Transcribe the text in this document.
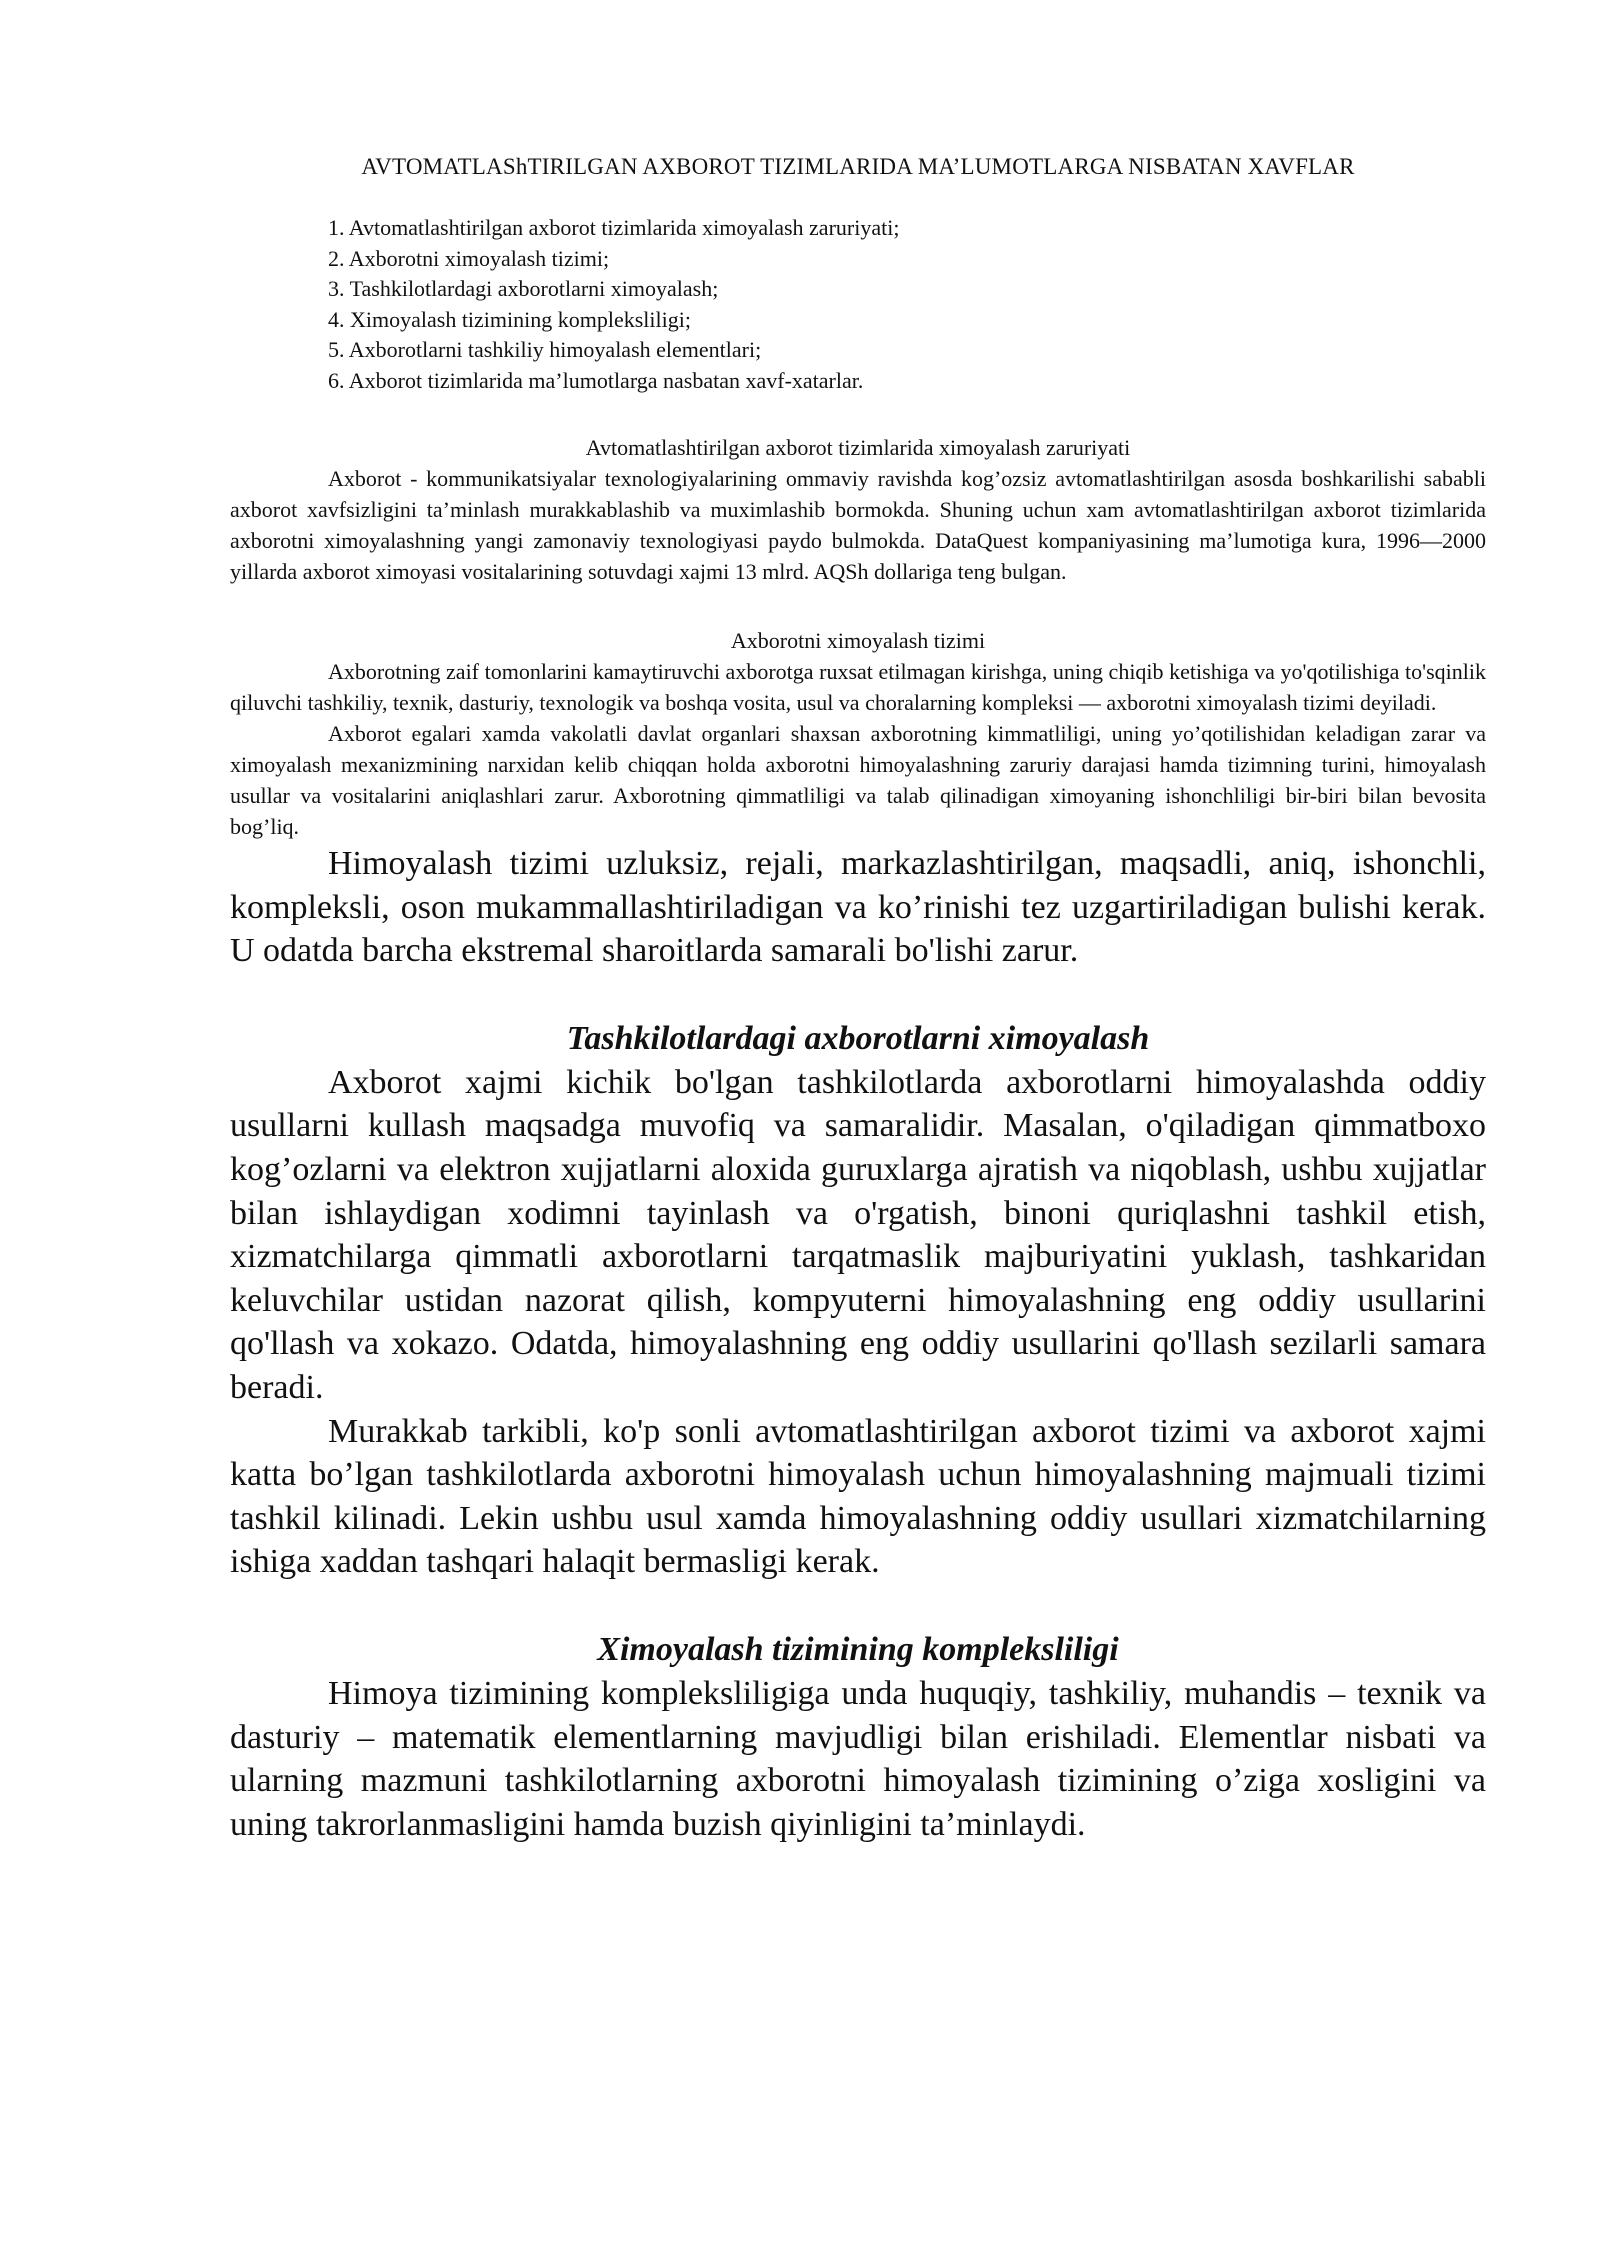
AVTOMATLAShTIRILGAN AXBOROT TIZIMLARIDA MA’LUMOTLARGA NISBATAN XAVFLAR
1. Avtomatlashtirilgan axborot tizimlarida ximoyalash zaruriyati;
2. Axborotni ximoyalash tizimi;
3. Tashkilotlardagi axborotlarni ximoyalash;
4. Ximoyalash tizimining kompleksliligi;
5. Axborotlarni tashkiliy himoyalash elementlari;
6. Axborot tizimlarida ma’lumotlarga nasbatan xavf-xatarlar.
Avtomatlashtirilgan axborot tizimlarida ximoyalash zaruriyati

Axborot - kommunikatsiyalar texnologiyalarining ommaviy ravishda kog’ozsiz avtomatlashtirilgan asosda boshkarilishi sababli axborot xavfsizligini ta’minlash murakkablashib va muximlashib bormokda. Shuning uchun xam avtomatlashtirilgan axborot tizimlarida axborotni ximoyalashning yangi zamonaviy texnologiyasi paydo bulmokda. DataQuest kompaniyasining ma’lumotiga kura, 1996—2000 yillarda axborot ximoyasi vositalarining sotuvdagi xajmi 13 mlrd. AQSh dollariga teng bulgan.

Axborotni ximoyalash tizimi

Axborotning zaif tomonlarini kamaytiruvchi axborotga ruxsat etilmagan kirishga, uning chiqib ketishiga va yo'qotilishiga to'sqinlik qiluvchi tashkiliy, texnik, dasturiy, texnologik va boshqa vosita, usul va choralarning kompleksi — axborotni ximoyalash tizimi deyiladi.

Axborot egalari xamda vakolatli davlat organlari shaxsan axborotning kimmatliligi, uning yo’qotilishidan keladigan zarar va ximoyalash mexanizmining narxidan kelib chiqqan holda axborotni himoyalashning zaruriy darajasi hamda tizimning turini, himoyalash usullar va vositalarini aniqlashlari zarur. Axborotning qimmatliligi va talab qilinadigan ximoyaning ishonchliligi bir-biri bilan bevosita bog’liq.

Himoyalash tizimi uzluksiz, rejali, markazlashtirilgan, maqsadli, aniq, ishonchli, kompleksli, oson mukammallashtiriladigan va ko’rinishi tez uzgartiriladigan bulishi kerak. U odatda barcha ekstremal sharoitlarda samarali bo'lishi zarur.

Tashkilotlardagi axborotlarni ximoyalash

Axborot xajmi kichik bo'lgan tashkilotlarda axborotlarni himoyalashda oddiy usullarni kullash maqsadga muvofiq va samaralidir. Masalan, o'qiladigan qimmatboxo kog’ozlarni va elektron xujjatlarni aloxida guruxlarga ajratish va niqoblash, ushbu xujjatlar bilan ishlaydigan xodimni tayinlash va o'rgatish, binoni quriqlashni tashkil etish, xizmatchilarga qimmatli axborotlarni tarqatmaslik majburiyatini yuklash, tashkaridan keluvchilar ustidan nazorat qilish, kompyuterni himoyalashning eng oddiy usullarini qo'llash va xokazo. Odatda, himoyalashning eng oddiy usullarini qo'llash sezilarli samara beradi.

Murakkab tarkibli, ko'p sonli avtomatlashtirilgan axborot tizimi va axborot xajmi katta bo’lgan tashkilotlarda axborotni himoyalash uchun himoyalashning majmuali tizimi tashkil kilinadi. Lekin ushbu usul xamda himoyalashning oddiy usullari xizmatchilarning ishiga xaddan tashqari halaqit bermasligi kerak.

Ximoyalash tizimining kompleksliligi

Himoya tizimining kompleksliligiga unda huquqiy, tashkiliy, muhandis – texnik va dasturiy – matematik elementlarning mavjudligi bilan erishiladi. Elementlar nisbati va ularning mazmuni tashkilotlarning axborotni himoyalash tizimining o’ziga xosligini va uning takrorlanmasligini hamda buzish qiyinligini ta’minlaydi.
